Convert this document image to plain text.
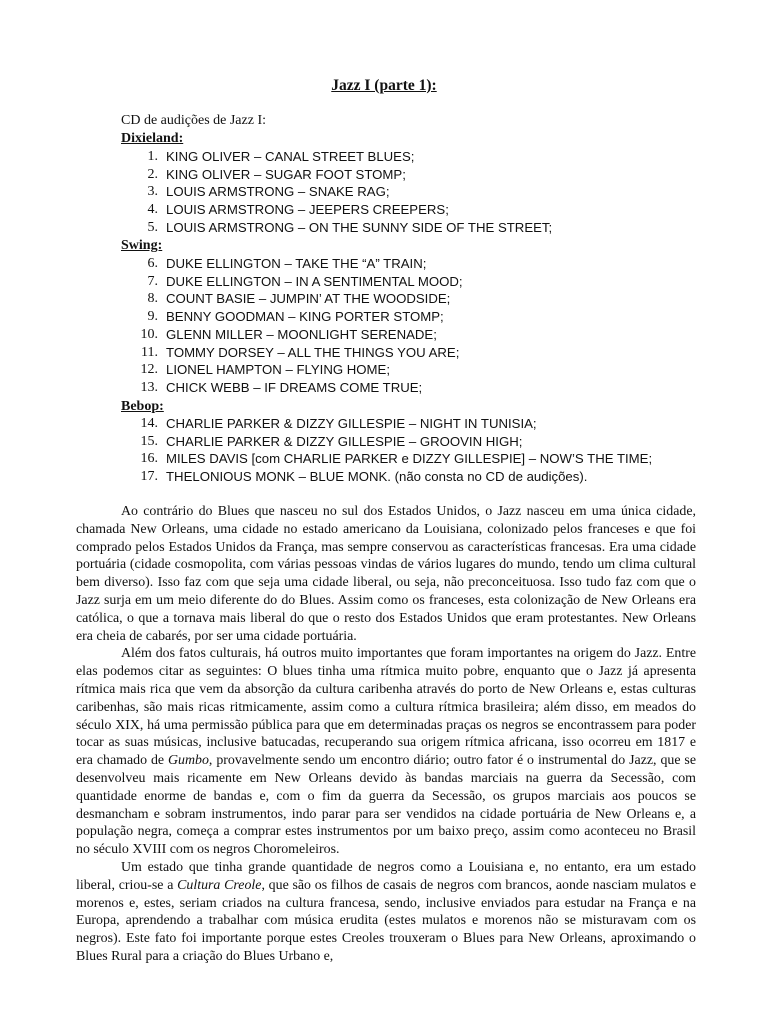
Jazz I (parte 1):
CD de audições de Jazz I:
Dixieland:
1. KING OLIVER – CANAL STREET BLUES;
2. KING OLIVER – SUGAR FOOT STOMP;
3. LOUIS ARMSTRONG – SNAKE RAG;
4. LOUIS ARMSTRONG – JEEPERS CREEPERS;
5. LOUIS ARMSTRONG – ON THE SUNNY SIDE OF THE STREET;
Swing:
6. DUKE ELLINGTON – TAKE THE “A” TRAIN;
7. DUKE ELLINGTON – IN A SENTIMENTAL MOOD;
8. COUNT BASIE – JUMPIN’ AT THE WOODSIDE;
9. BENNY GOODMAN – KING PORTER STOMP;
10. GLENN MILLER – MOONLIGHT SERENADE;
11. TOMMY DORSEY – ALL THE THINGS YOU ARE;
12. LIONEL HAMPTON – FLYING HOME;
13. CHICK WEBB – IF DREAMS COME TRUE;
Bebop:
14. CHARLIE PARKER & DIZZY GILLESPIE – NIGHT IN TUNISIA;
15. CHARLIE PARKER & DIZZY GILLESPIE – GROOVIN HIGH;
16. MILES DAVIS [com CHARLIE PARKER e DIZZY GILLESPIE] – NOW’S THE TIME;
17. THELONIOUS MONK – BLUE MONK. (não consta no CD de audições).

Ao contrário do Blues que nasceu no sul dos Estados Unidos, o Jazz nasceu em uma única cidade, chamada New Orleans, uma cidade no estado americano da Louisiana, colonizado pelos franceses e que foi comprado pelos Estados Unidos da França, mas sempre conservou as características francesas. Era uma cidade portuária (cidade cosmopolita, com várias pessoas vindas de vários lugares do mundo, tendo um clima cultural bem diverso). Isso faz com que seja uma cidade liberal, ou seja, não preconceituosa. Isso tudo faz com que o Jazz surja em um meio diferente do do Blues. Assim como os franceses, esta colonização de New Orleans era católica, o que a tornava mais liberal do que o resto dos Estados Unidos que eram protestantes. New Orleans era cheia de cabarés, por ser uma cidade portuária.

Além dos fatos culturais, há outros muito importantes que foram importantes na origem do Jazz. Entre elas podemos citar as seguintes: O blues tinha uma rítmica muito pobre, enquanto que o Jazz já apresenta rítmica mais rica que vem da absorção da cultura caribenha através do porto de New Orleans e, estas culturas caribenhas, são mais ricas ritmicamente, assim como a cultura rítmica brasileira; além disso, em meados do século XIX, há uma permissão pública para que em determinadas praças os negros se encontrassem para poder tocar as suas músicas, inclusive batucadas, recuperando sua origem rítmica africana, isso ocorreu em 1817 e era chamado de Gumbo, provavelmente sendo um encontro diário; outro fator é o instrumental do Jazz, que se desenvolveu mais ricamente em New Orleans devido às bandas marciais na guerra da Secessão, com quantidade enorme de bandas e, com o fim da guerra da Secessão, os grupos marciais aos poucos se desmancham e sobram instrumentos, indo parar para ser vendidos na cidade portuária de New Orleans e, a população negra, começa a comprar estes instrumentos por um baixo preço, assim como aconteceu no Brasil no século XVIII com os negros Choromeleiros.

Um estado que tinha grande quantidade de negros como a Louisiana e, no entanto, era um estado liberal, criou-se a Cultura Creole, que são os filhos de casais de negros com brancos, aonde nasciam mulatos e morenos e, estes, seriam criados na cultura francesa, sendo, inclusive enviados para estudar na França e na Europa, aprendendo a trabalhar com música erudita (estes mulatos e morenos não se misturavam com os negros). Este fato foi importante porque estes Creoles trouxeram o Blues para New Orleans, aproximando o Blues Rural para a criação do Blues Urbano e,
